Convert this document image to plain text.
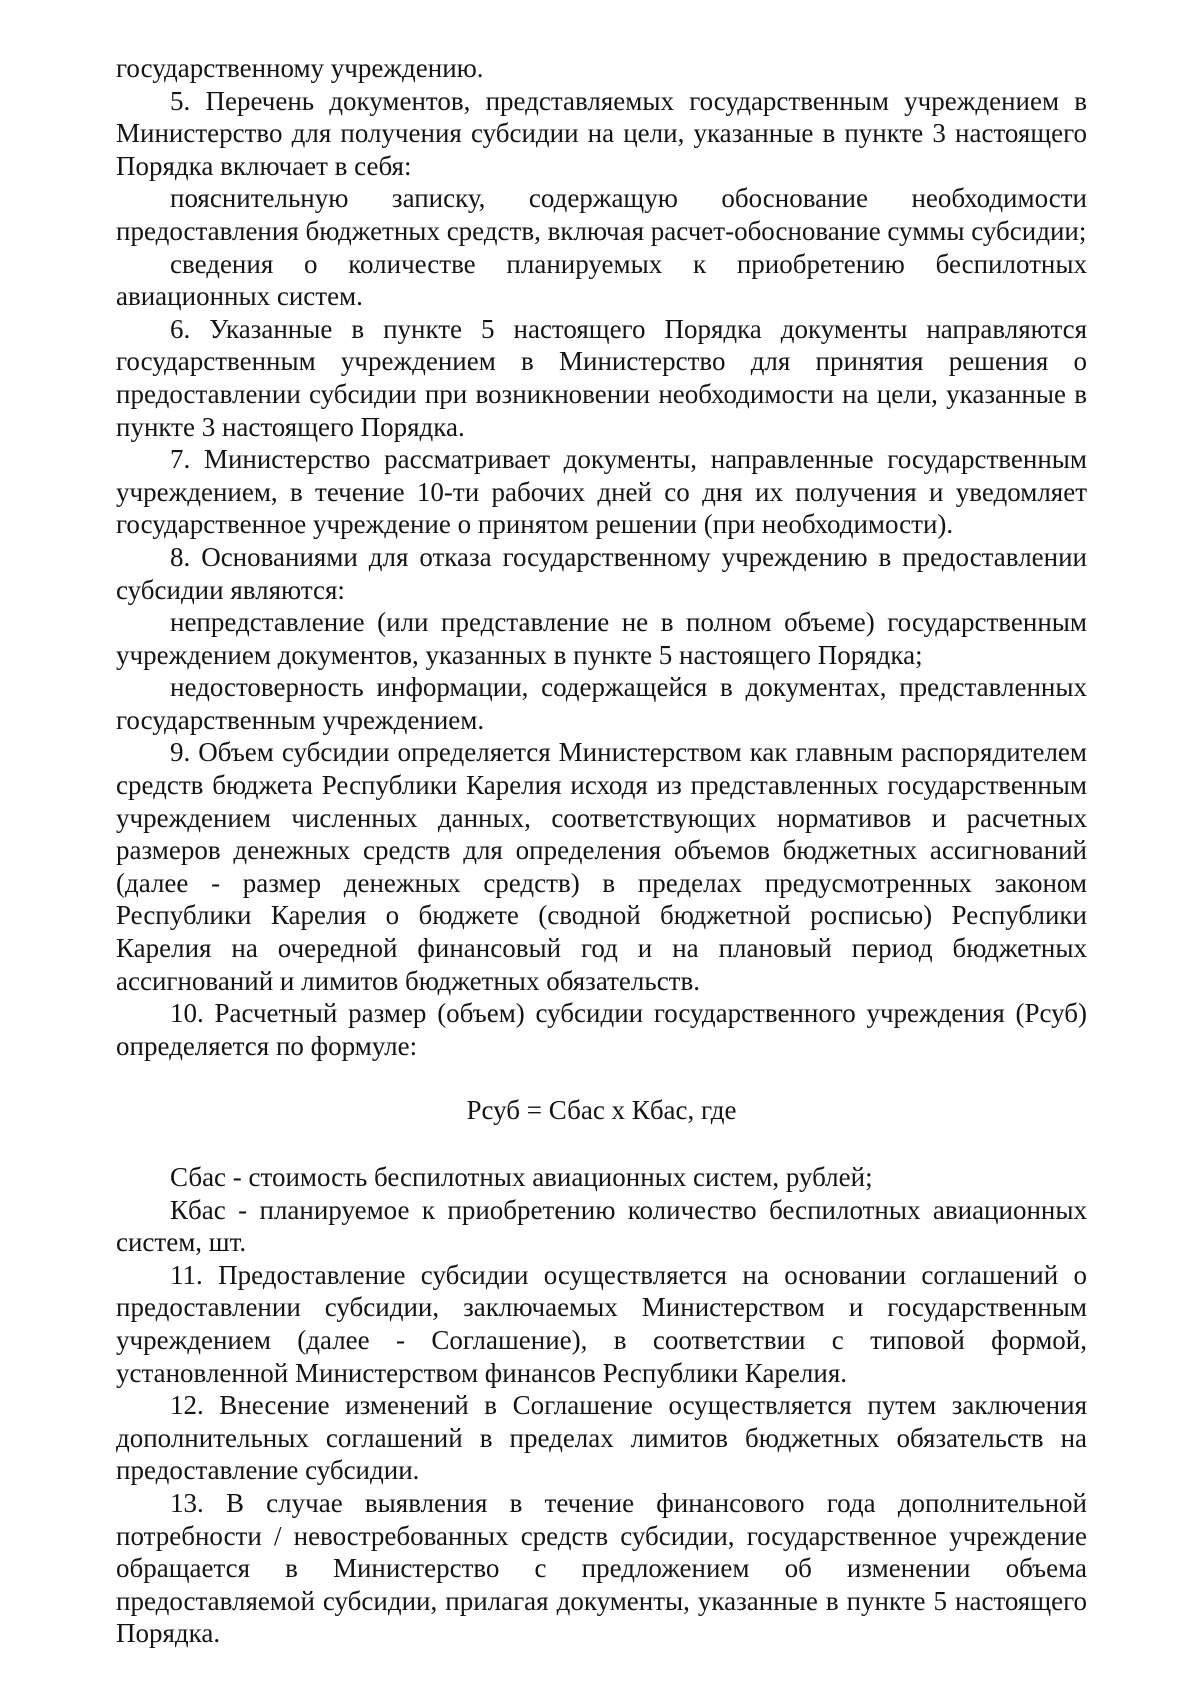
государственному учреждению.

5. Перечень документов, представляемых государственным учреждением в Министерство для получения субсидии на цели, указанные в пункте 3 настоящего Порядка включает в себя:

пояснительную записку, содержащую обоснование необходимости предоставления бюджетных средств, включая расчет-обоснование суммы субсидии;

сведения о количестве планируемых к приобретению беспилотных авиационных систем.

6. Указанные в пункте 5 настоящего Порядка документы направляются государственным учреждением в Министерство для принятия решения о предоставлении субсидии при возникновении необходимости на цели, указанные в пункте 3 настоящего Порядка.

7. Министерство рассматривает документы, направленные государственным учреждением, в течение 10-ти рабочих дней со дня их получения и уведомляет государственное учреждение о принятом решении (при необходимости).

8. Основаниями для отказа государственному учреждению в предоставлении субсидии являются:

непредставление (или представление не в полном объеме) государственным учреждением документов, указанных в пункте 5 настоящего Порядка;

недостоверность информации, содержащейся в документах, представленных государственным учреждением.

9. Объем субсидии определяется Министерством как главным распорядителем средств бюджета Республики Карелия исходя из представленных государственным учреждением численных данных, соответствующих нормативов и расчетных размеров денежных средств для определения объемов бюджетных ассигнований (далее - размер денежных средств) в пределах предусмотренных законом Республики Карелия о бюджете (сводной бюджетной росписью) Республики Карелия на очередной финансовый год и на плановый период бюджетных ассигнований и лимитов бюджетных обязательств.

10. Расчетный размер (объем) субсидии государственного учреждения (Рсуб) определяется по формуле:

Рсуб = Сбас х Кбас, где

Сбас - стоимость беспилотных авиационных систем, рублей;

Кбас - планируемое к приобретению количество беспилотных авиационных систем, шт.

11. Предоставление субсидии осуществляется на основании соглашений о предоставлении субсидии, заключаемых Министерством и государственным учреждением (далее - Соглашение), в соответствии с типовой формой, установленной Министерством финансов Республики Карелия.

12. Внесение изменений в Соглашение осуществляется путем заключения дополнительных соглашений в пределах лимитов бюджетных обязательств на предоставление субсидии.

13. В случае выявления в течение финансового года дополнительной потребности / невостребованных средств субсидии, государственное учреждение обращается в Министерство с предложением об изменении объема предоставляемой субсидии, прилагая документы, указанные в пункте 5 настоящего Порядка.
